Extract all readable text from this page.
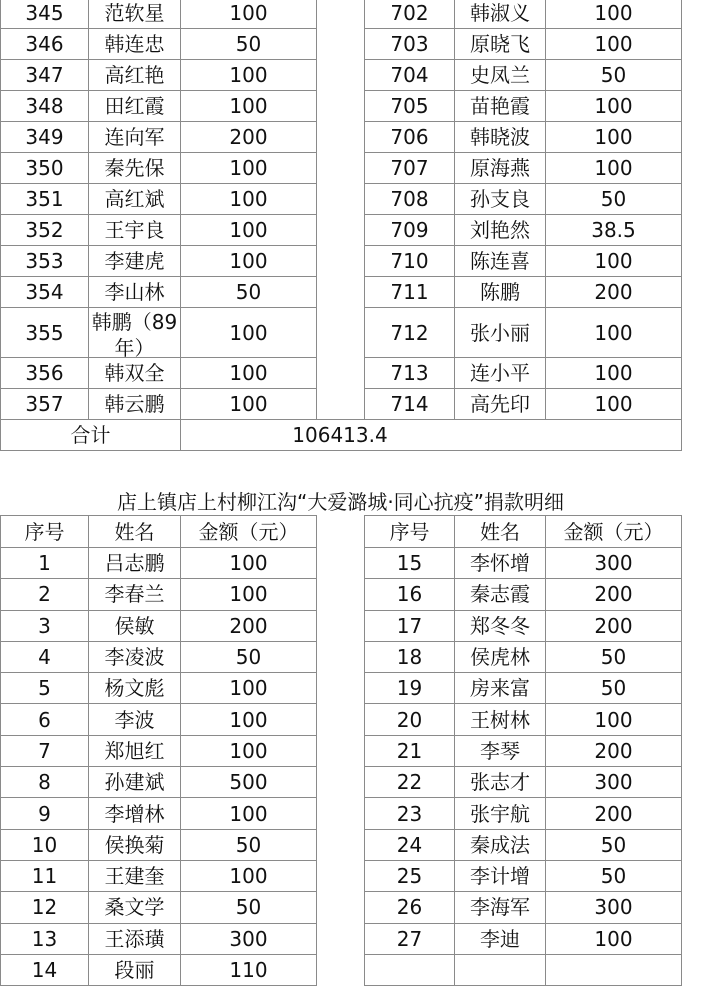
345	范软星	100		702	韩淑义	100
346	韩连忠	50		703	原晓飞	100
347	高红艳	100		704	史凤兰	50
348	田红霞	100		705	苗艳霞	100
349	连向军	200		706	韩晓波	100
350	秦先保	100		707	原海燕	100
351	高红斌	100		708	孙支良	50
352	王宇良	100		709	刘艳然	38.5
353	李建虎	100		710	陈连喜	100
354	李山林	50		711	陈鹏	200
355	韩鹏（89年）	100		712	张小丽	100
356	韩双全	100		713	连小平	100
357	韩云鹏	100		714	高先印	100
合计		106413.4				

店上镇店上村柳江沟“大爱潞城·同心抗疫”捐款明细
序号	姓名	金额（元）		序号	姓名	金额（元）
1	吕志鹏	100		15	李怀增	300
2	李春兰	100		16	秦志霞	200
3	侯敏	200		17	郑冬冬	200
4	李凌波	50		18	侯虎林	50
5	杨文彪	100		19	房来富	50
6	李波	100		20	王树林	100
7	郑旭红	100		21	李琴	200
8	孙建斌	500		22	张志才	300
9	李增林	100		23	张宇航	200
10	侯换菊	50		24	秦成法	50
11	王建奎	100		25	李计增	50
12	桑文学	50		26	李海军	300
13	王添璜	300		27	李迪	100
14	段丽	110				
